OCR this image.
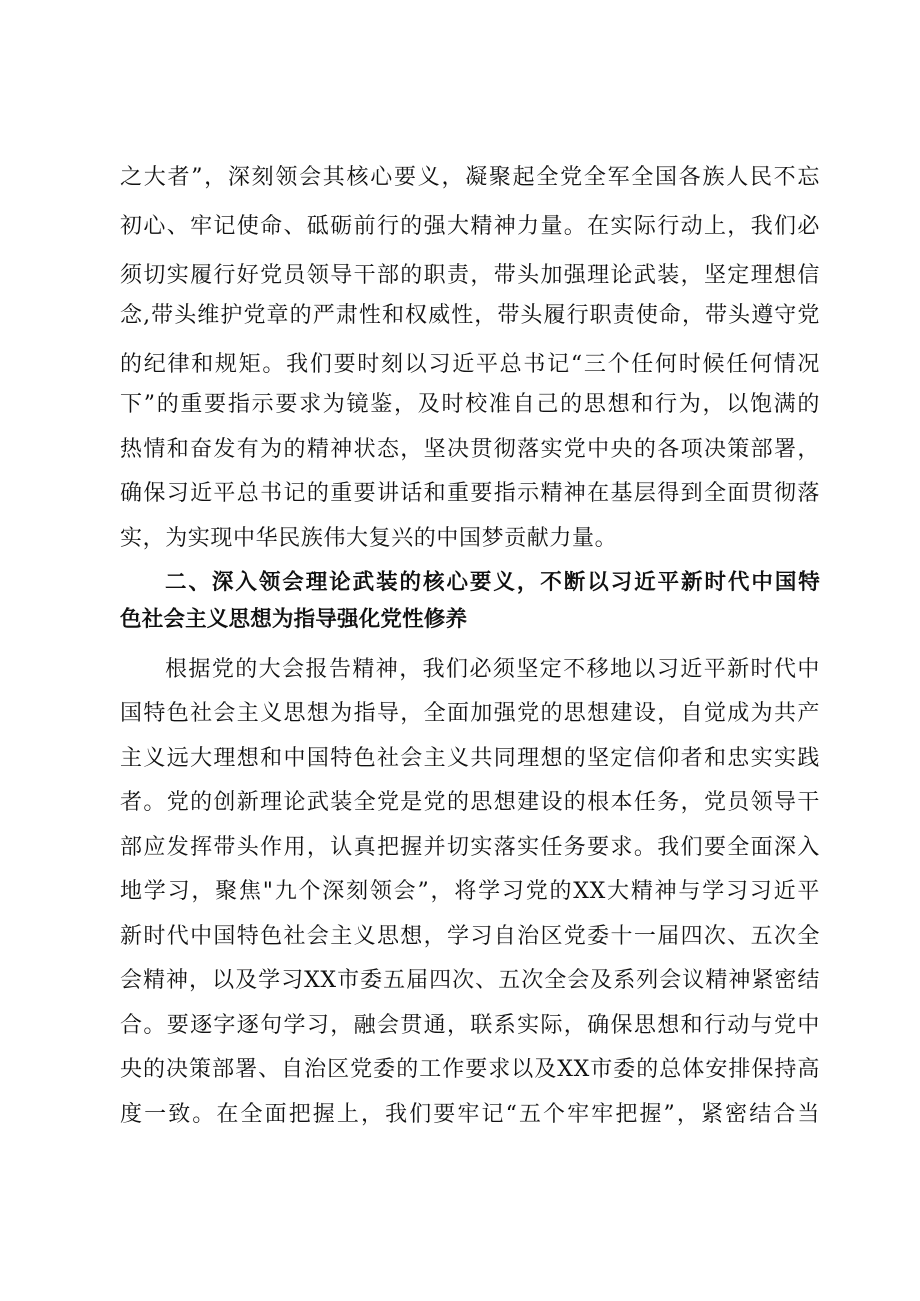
之大者”，深刻领会其核心要义，凝聚起全党全军全国各族人民不忘

初心、牢记使命、砥砺前行的强大精神力量。在实际行动上，我们必

须切实履行好党员领导干部的职责，带头加强理论武装，坚定理想信

念,带头维护党章的严肃性和权威性，带头履行职责使命，带头遵守党

的纪律和规矩。我们要时刻以习近平总书记“三个任何时候任何情况

下”的重要指示要求为镜鉴，及时校准自己的思想和行为，以饱满的

热情和奋发有为的精神状态，坚决贯彻落实党中央的各项决策部署，

确保习近平总书记的重要讲话和重要指示精神在基层得到全面贯彻落

实，为实现中华民族伟大复兴的中国梦贡献力量。

二、深入领会理论武装的核心要义，不断以习近平新时代中国特

色社会主义思想为指导强化党性修养

根据党的大会报告精神，我们必须坚定不移地以习近平新时代中

国特色社会主义思想为指导，全面加强党的思想建设，自觉成为共产

主义远大理想和中国特色社会主义共同理想的坚定信仰者和忠实实践

者。党的创新理论武装全党是党的思想建设的根本任务，党员领导干

部应发挥带头作用，认真把握并切实落实任务要求。我们要全面深入

地学习，聚焦"九个深刻领会”，将学习党的XX大精神与学习习近平

新时代中国特色社会主义思想，学习自治区党委十一届四次、五次全

会精神，以及学习XX市委五届四次、五次全会及系列会议精神紧密结

合。要逐字逐句学习，融会贯通，联系实际，确保思想和行动与党中

央的决策部署、自治区党委的工作要求以及XX市委的总体安排保持高

度一致。在全面把握上，我们要牢记“五个牢牢把握”，紧密结合当
